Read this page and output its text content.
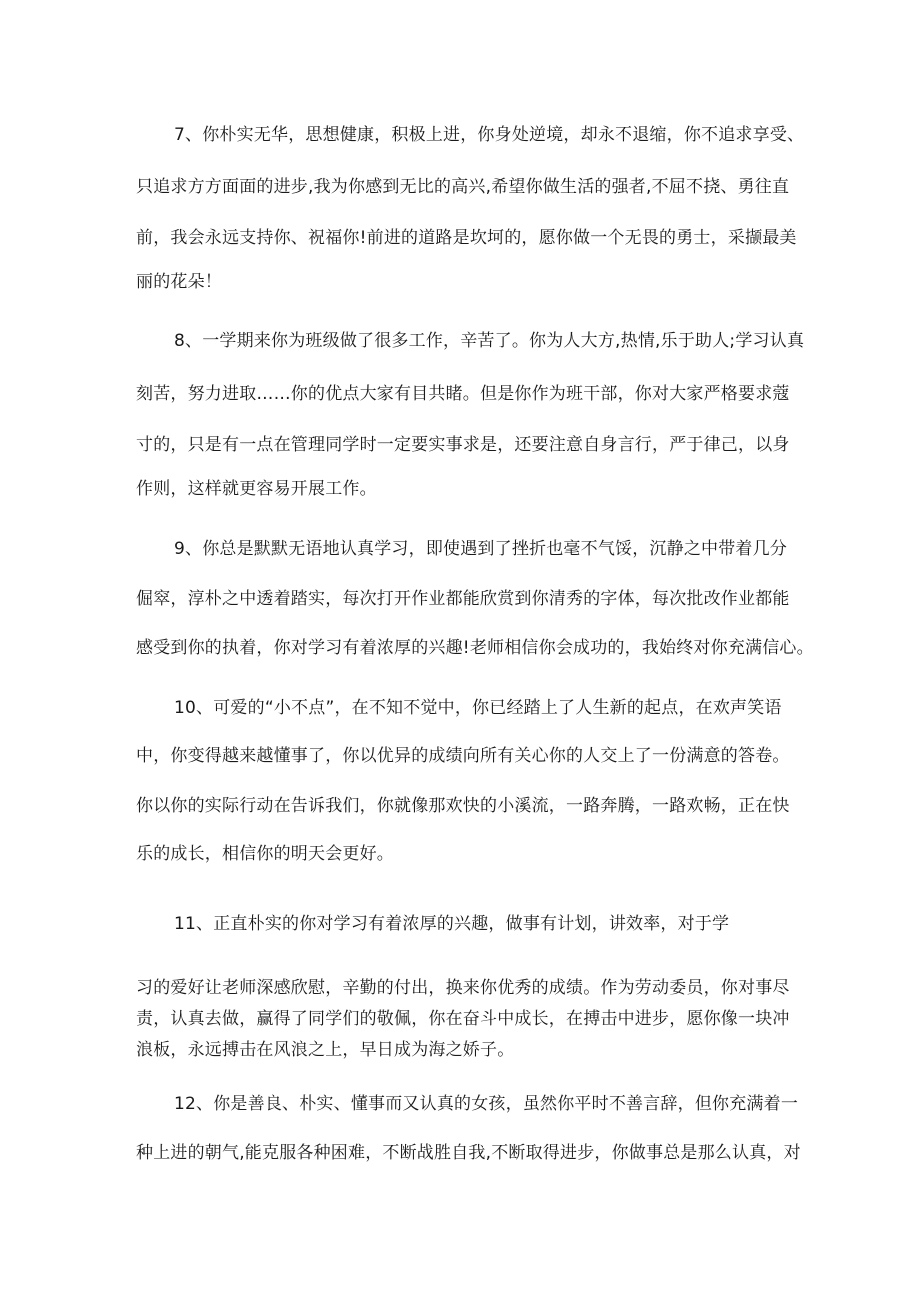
7、你朴实无华，思想健康，积极上进，你身处逆境，却永不退缩，你不追求享受、

只追求方方面面的进步,我为你感到无比的高兴,希望你做生活的强者,不屈不挠、勇往直

前，我会永远支持你、祝福你!前进的道路是坎坷的，愿你做一个无畏的勇士，采撷最美

丽的花朵！

8、一学期来你为班级做了很多工作，辛苦了。你为人大方,热情,乐于助人;学习认真

刻苦，努力进取……你的优点大家有目共睹。但是你作为班干部，你对大家严格要求蔻

寸的，只是有一点在管理同学时一定要实事求是，还要注意自身言行，严于律己，以身

作则，这样就更容易开展工作。

9、你总是默默无语地认真学习，即使遇到了挫折也毫不气馁，沉静之中带着几分

倔窣，淳朴之中透着踏实，每次打开作业都能欣赏到你清秀的字体，每次批改作业都能

感受到你的执着，你对学习有着浓厚的兴趣!老师相信你会成功的，我始终对你充满信心。

10、可爱的“小不点”，在不知不觉中，你已经踏上了人生新的起点，在欢声笑语

中，你变得越来越懂事了，你以优异的成绩向所有关心你的人交上了一份满意的答卷。

你以你的实际行动在告诉我们，你就像那欢快的小溪流，一路奔腾，一路欢畅，正在快

乐的成长，相信你的明天会更好。

11、正直朴实的你对学习有着浓厚的兴趣，做事有计划，讲效率，对于学

习的爱好让老师深感欣慰，辛勤的付出，换来你优秀的成绩。作为劳动委员，你对事尽

责，认真去做，赢得了同学们的敬佩，你在奋斗中成长，在搏击中进步，愿你像一块冲

浪板，永远搏击在风浪之上，早日成为海之娇子。

12、你是善良、朴实、懂事而又认真的女孩，虽然你平时不善言辞，但你充满着一

种上进的朝气,能克服各种困难，不断战胜自我,不断取得进步，你做事总是那么认真，对
